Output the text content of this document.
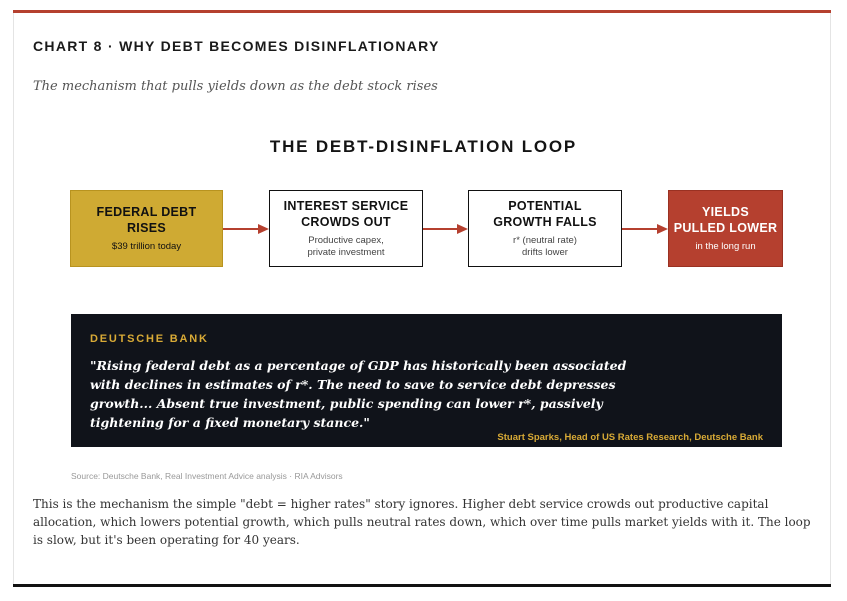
CHART 8 · WHY DEBT BECOMES DISINFLATIONARY
The mechanism that pulls yields down as the debt stock rises
THE DEBT-DISINFLATION LOOP
FEDERAL DEBT
RISES
$39 trillion today
INTEREST SERVICE
CROWDS OUT
Productive capex,
private investment
POTENTIAL
GROWTH FALLS
r* (neutral rate)
drifts lower
YIELDS
PULLED LOWER
in the long run
DEUTSCHE BANK
"Rising federal debt as a percentage of GDP has historically been associated with declines in estimates of r*. The need to save to service debt depresses growth... Absent true investment, public spending can lower r*, passively tightening for a fixed monetary stance."
Stuart Sparks, Head of US Rates Research, Deutsche Bank
Source: Deutsche Bank, Real Investment Advice analysis · RIA Advisors
This is the mechanism the simple "debt = higher rates" story ignores. Higher debt service crowds out productive capital allocation, which lowers potential growth, which pulls neutral rates down, which over time pulls market yields with it. The loop is slow, but it's been operating for 40 years.
